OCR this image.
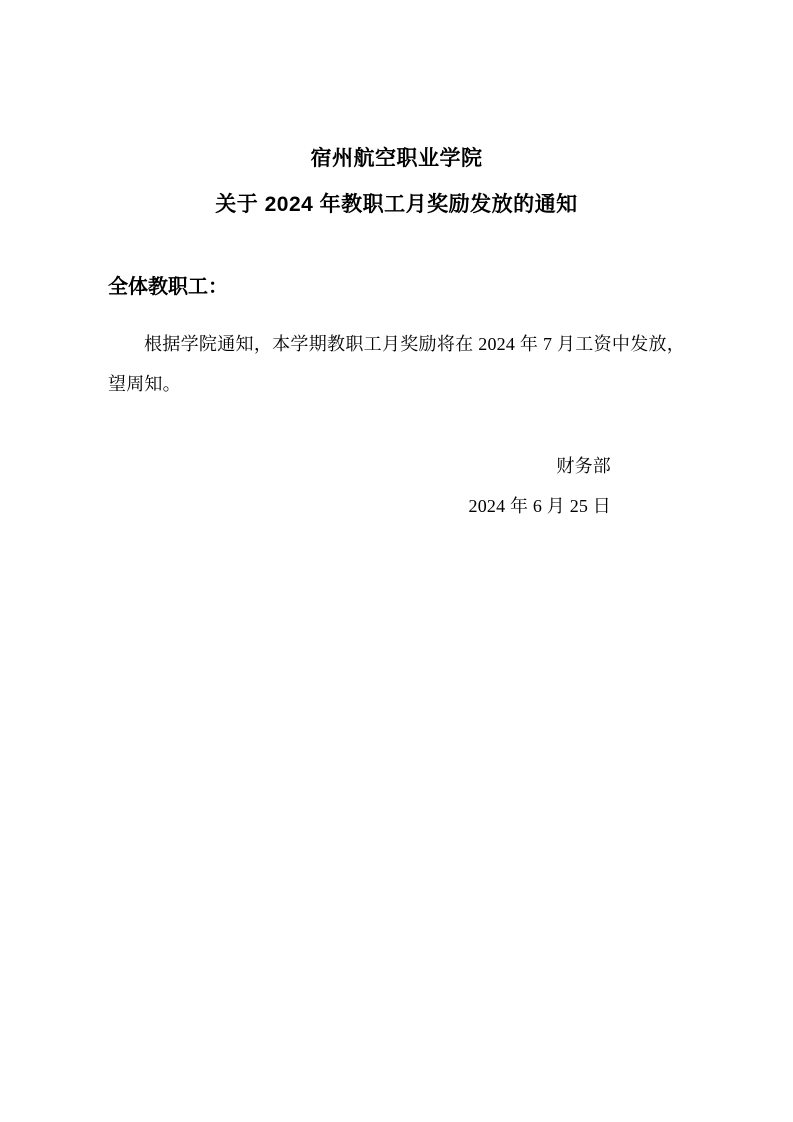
宿州航空职业学院
关于 2024 年教职工月奖励发放的通知
全体教职工：
根据学院通知，本学期教职工月奖励将在 2024 年 7 月工资中发放，望周知。
财务部
2024 年 6 月 25 日
